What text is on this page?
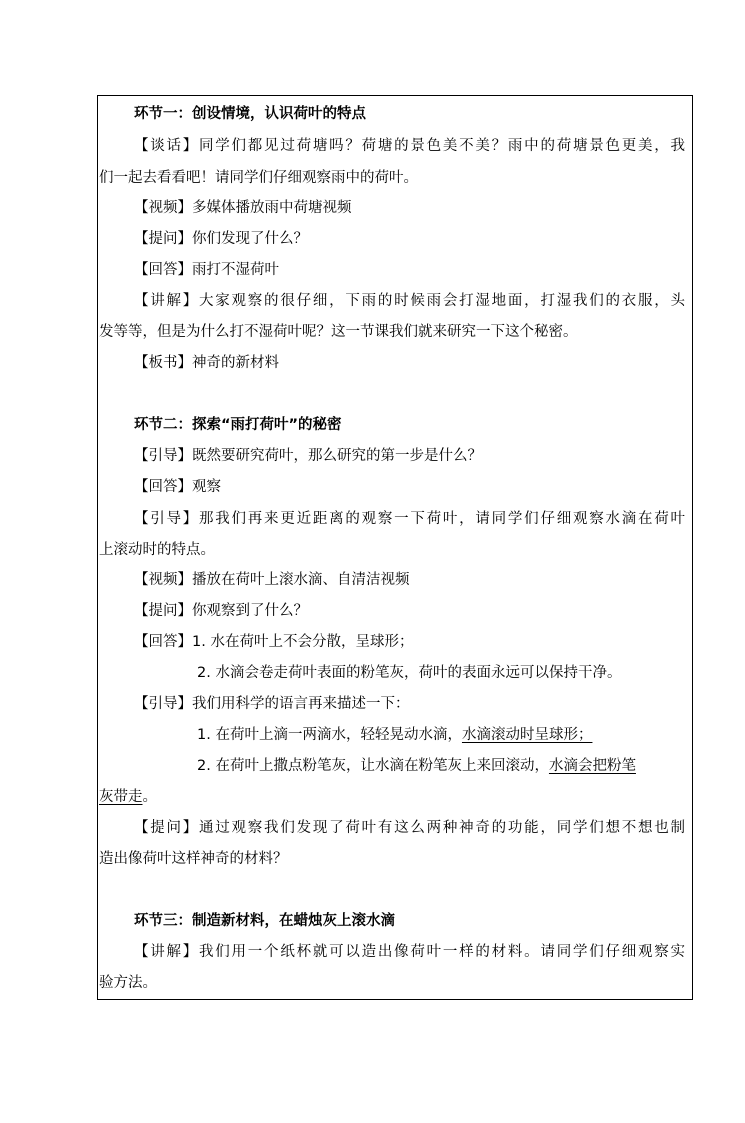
环节一：创设情境，认识荷叶的特点
【谈话】同学们都见过荷塘吗？荷塘的景色美不美？雨中的荷塘景色更美，我
们一起去看看吧！请同学们仔细观察雨中的荷叶。
【视频】多媒体播放雨中荷塘视频
【提问】你们发现了什么？
【回答】雨打不湿荷叶
【讲解】大家观察的很仔细，下雨的时候雨会打湿地面，打湿我们的衣服，头
发等等，但是为什么打不湿荷叶呢？这一节课我们就来研究一下这个秘密。
【板书】神奇的新材料
环节二：探索“雨打荷叶”的秘密
【引导】既然要研究荷叶，那么研究的第一步是什么？
【回答】观察
【引导】那我们再来更近距离的观察一下荷叶，请同学们仔细观察水滴在荷叶
上滚动时的特点。
【视频】播放在荷叶上滚水滴、自清洁视频
【提问】你观察到了什么？
【回答】1. 水在荷叶上不会分散，呈球形；
2. 水滴会卷走荷叶表面的粉笔灰，荷叶的表面永远可以保持干净。
【引导】我们用科学的语言再来描述一下：
1. 在荷叶上滴一两滴水，轻轻晃动水滴，水滴滚动时呈球形；
2. 在荷叶上撒点粉笔灰，让水滴在粉笔灰上来回滚动，水滴会把粉笔
灰带走。
【提问】通过观察我们发现了荷叶有这么两种神奇的功能，同学们想不想也制
造出像荷叶这样神奇的材料？
环节三：制造新材料，在蜡烛灰上滚水滴
【讲解】我们用一个纸杯就可以造出像荷叶一样的材料。请同学们仔细观察实
验方法。
